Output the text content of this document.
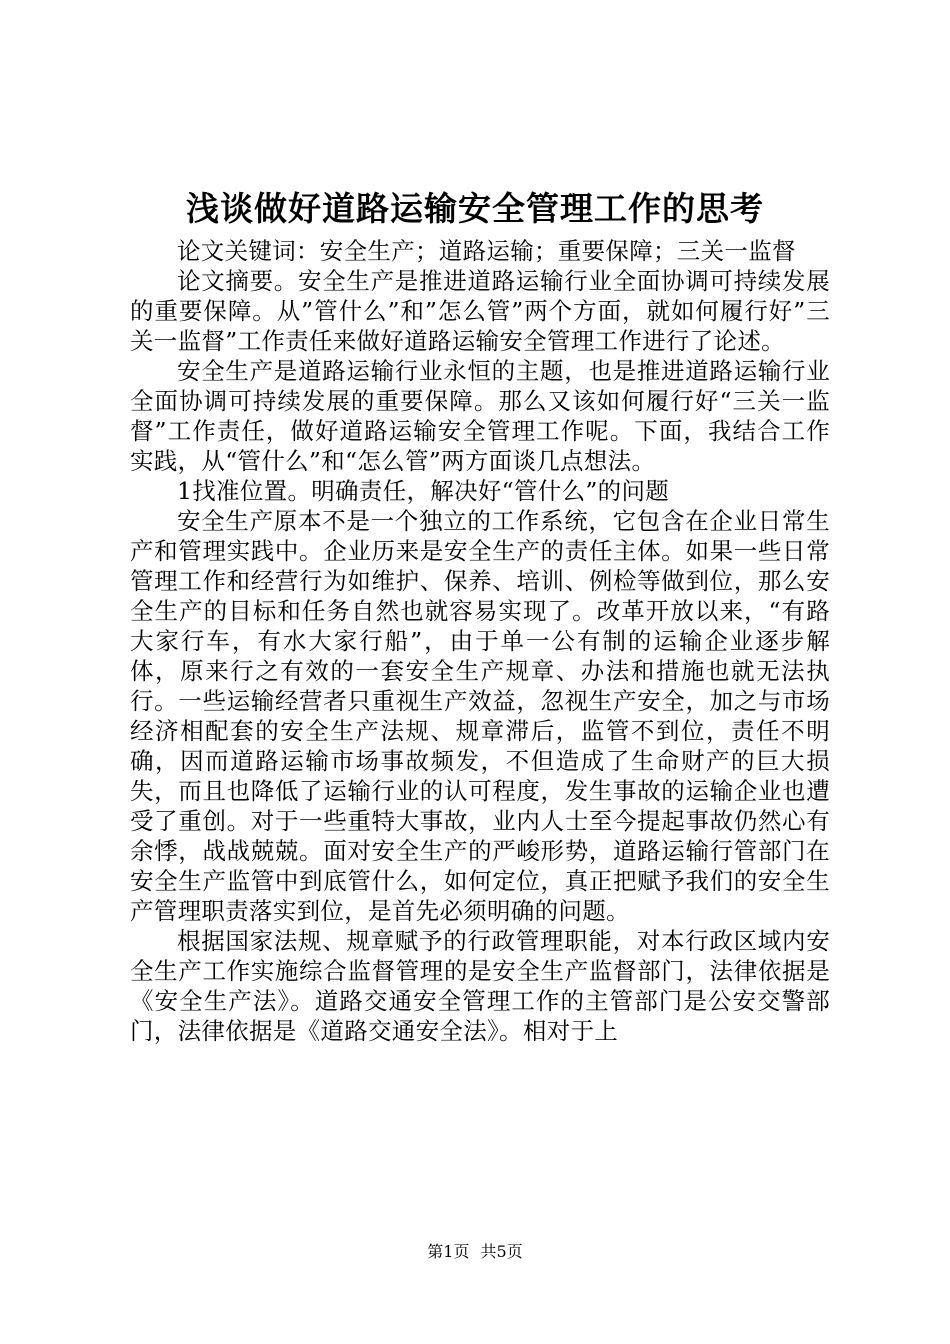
浅谈做好道路运输安全管理工作的思考

论文关键词：安全生产；道路运输；重要保障；三关一监督

论文摘要。安全生产是推进道路运输行业全面协调可持续发展的重要保障。从”管什么”和”怎么管”两个方面，就如何履行好”三关一监督”工作责任来做好道路运输安全管理工作进行了论述。

安全生产是道路运输行业永恒的主题，也是推进道路运输行业全面协调可持续发展的重要保障。那么又该如何履行好“三关一监督”工作责任，做好道路运输安全管理工作呢。下面，我结合工作实践，从“管什么”和“怎么管”两方面谈几点想法。

1找准位置。明确责任，解决好“管什么”的问题

安全生产原本不是一个独立的工作系统，它包含在企业日常生产和管理实践中。企业历来是安全生产的责任主体。如果一些日常管理工作和经营行为如维护、保养、培训、例检等做到位，那么安全生产的目标和任务自然也就容易实现了。改革开放以来，“有路大家行车，有水大家行船”，由于单一公有制的运输企业逐步解体，原来行之有效的一套安全生产规章、办法和措施也就无法执行。一些运输经营者只重视生产效益，忽视生产安全，加之与市场经济相配套的安全生产法规、规章滞后，监管不到位，责任不明确，因而道路运输市场事故频发，不但造成了生命财产的巨大损失，而且也降低了运输行业的认可程度，发生事故的运输企业也遭受了重创。对于一些重特大事故，业内人士至今提起事故仍然心有余悸，战战兢兢。面对安全生产的严峻形势，道路运输行管部门在安全生产监管中到底管什么，如何定位，真正把赋予我们的安全生产管理职责落实到位，是首先必须明确的问题。

根据国家法规、规章赋予的行政管理职能，对本行政区域内安全生产工作实施综合监督管理的是安全生产监督部门，法律依据是《安全生产法》。道路交通安全管理工作的主管部门是公安交警部门，法律依据是《道路交通安全法》。相对于上

第1页 共5页
